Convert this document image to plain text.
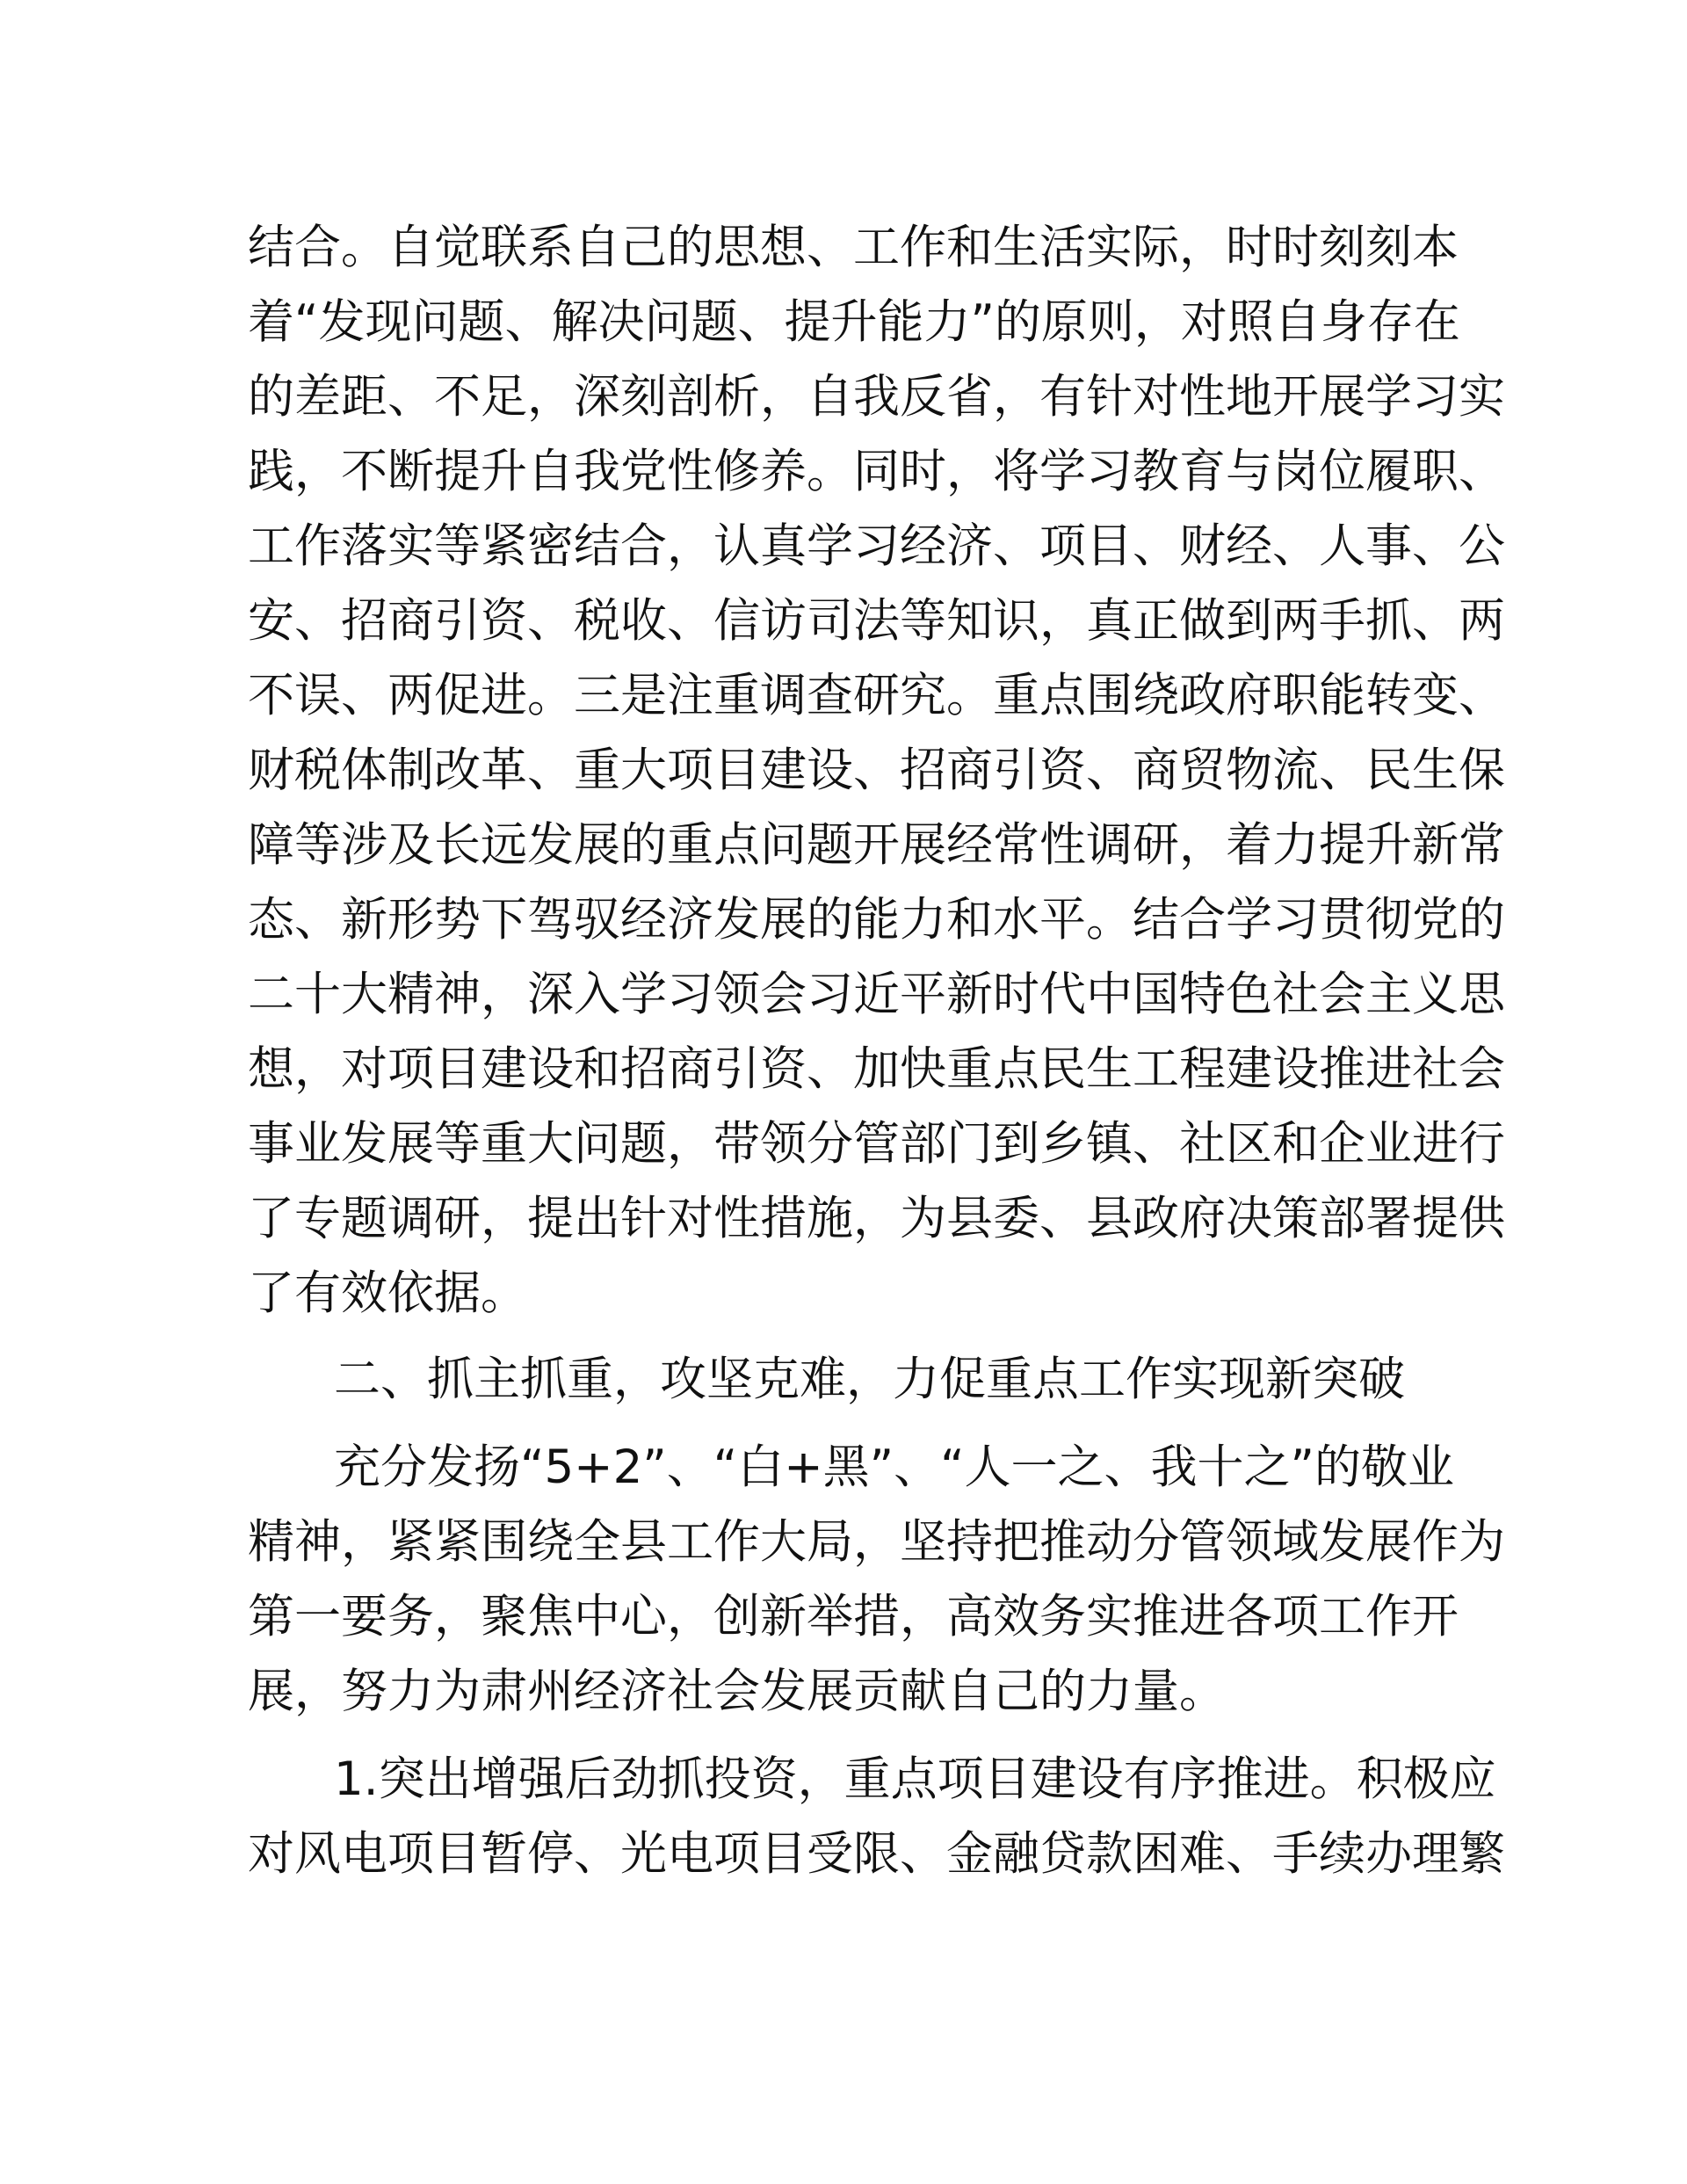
结合。自觉联系自己的思想、工作和生活实际，时时刻刻本
着“发现问题、解决问题、提升能力”的原则，对照自身存在
的差距、不足，深刻剖析，自我反省，有针对性地开展学习实
践，不断提升自我党性修养。同时，将学习教育与岗位履职、
工作落实等紧密结合，认真学习经济、项目、财经、人事、公
安、招商引资、税收、信访司法等知识，真正做到两手抓、两
不误、两促进。三是注重调查研究。重点围绕政府职能转变、
财税体制改革、重大项目建设、招商引资、商贸物流、民生保
障等涉及长远发展的重点问题开展经常性调研，着力提升新常
态、新形势下驾驭经济发展的能力和水平。结合学习贯彻党的
二十大精神，深入学习领会习近平新时代中国特色社会主义思
想，对项目建设和招商引资、加快重点民生工程建设推进社会
事业发展等重大问题，带领分管部门到乡镇、社区和企业进行
了专题调研，提出针对性措施，为县委、县政府决策部署提供
了有效依据。
二、抓主抓重，攻坚克难，力促重点工作实现新突破
充分发扬“5+2”、“白+黑”、“人一之、我十之”的敬业
精神，紧紧围绕全县工作大局，坚持把推动分管领域发展作为
第一要务，聚焦中心，创新举措，高效务实推进各项工作开
展，努力为肃州经济社会发展贡献自己的力量。
1.突出增强后劲抓投资，重点项目建设有序推进。积极应
对风电项目暂停、光电项目受限、金融贷款困难、手续办理繁
